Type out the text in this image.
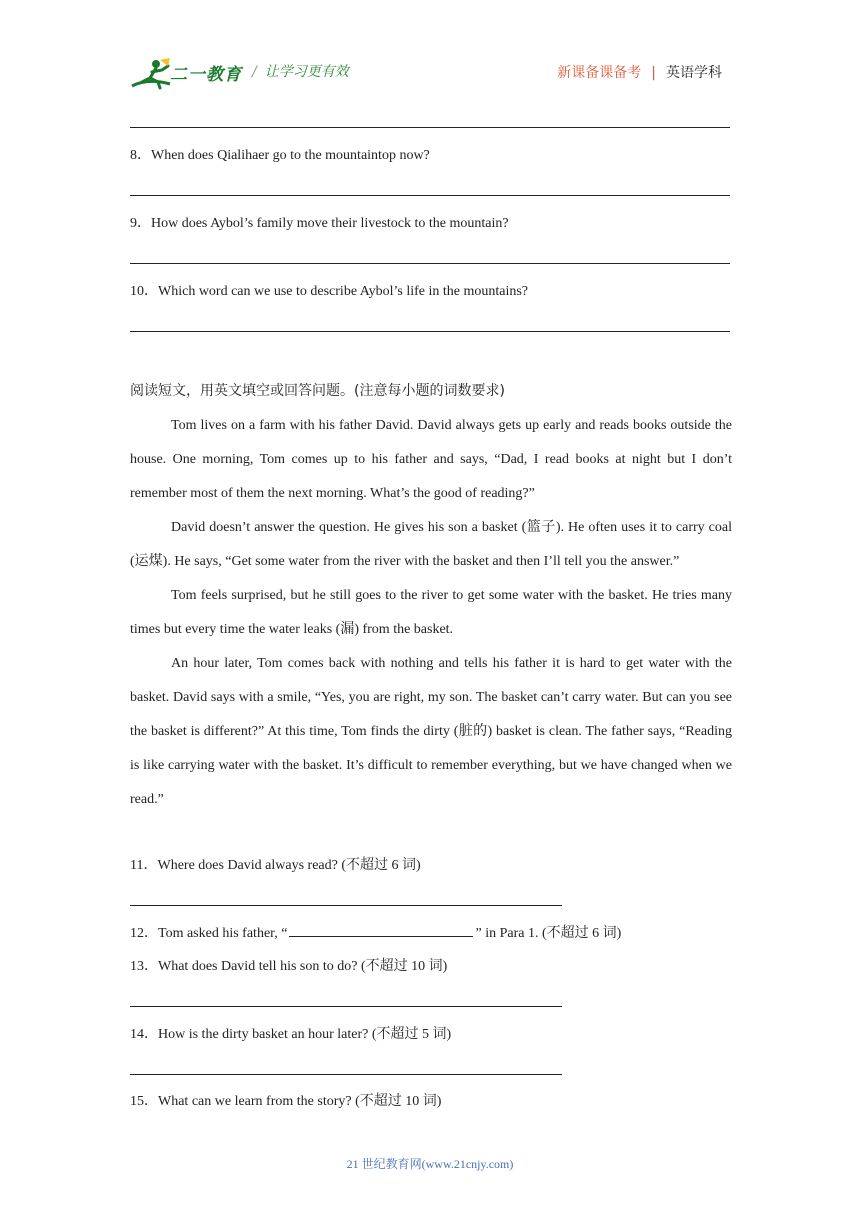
二一教育 / 让学习更有效	新课备课备考 | 英语学科
8．When does Qialihaer go to the mountaintop now?
9．How does Aybol’s family move their livestock to the mountain?
10．Which word can we use to describe Aybol’s life in the mountains?
阅读短文，用英文填空或回答问题。(注意每小题的词数要求)

Tom lives on a farm with his father David. David always gets up early and reads books outside the house. One morning, Tom comes up to his father and says, “Dad, I read books at night but I don’t remember most of them the next morning. What’s the good of reading?”

David doesn’t answer the question. He gives his son a basket (篮子). He often uses it to carry coal (运煤). He says, “Get some water from the river with the basket and then I’ll tell you the answer.”

Tom feels surprised, but he still goes to the river to get some water with the basket. He tries many times but every time the water leaks (漏) from the basket.

An hour later, Tom comes back with nothing and tells his father it is hard to get water with the basket. David says with a smile, “Yes, you are right, my son. The basket can’t carry water. But can you see the basket is different?” At this time, Tom finds the dirty (脏的) basket is clean. The father says, “Reading is like carrying water with the basket. It’s difficult to remember everything, but we have changed when we read.”

11．Where does David always read? (不超过 6 词)
12．Tom asked his father, “	” in Para 1. (不超过 6 词)
13．What does David tell his son to do? (不超过 10 词)
14．How is the dirty basket an hour later? (不超过 5 词)
15．What can we learn from the story? (不超过 10 词)
21 世纪教育网(www.21cnjy.com)
